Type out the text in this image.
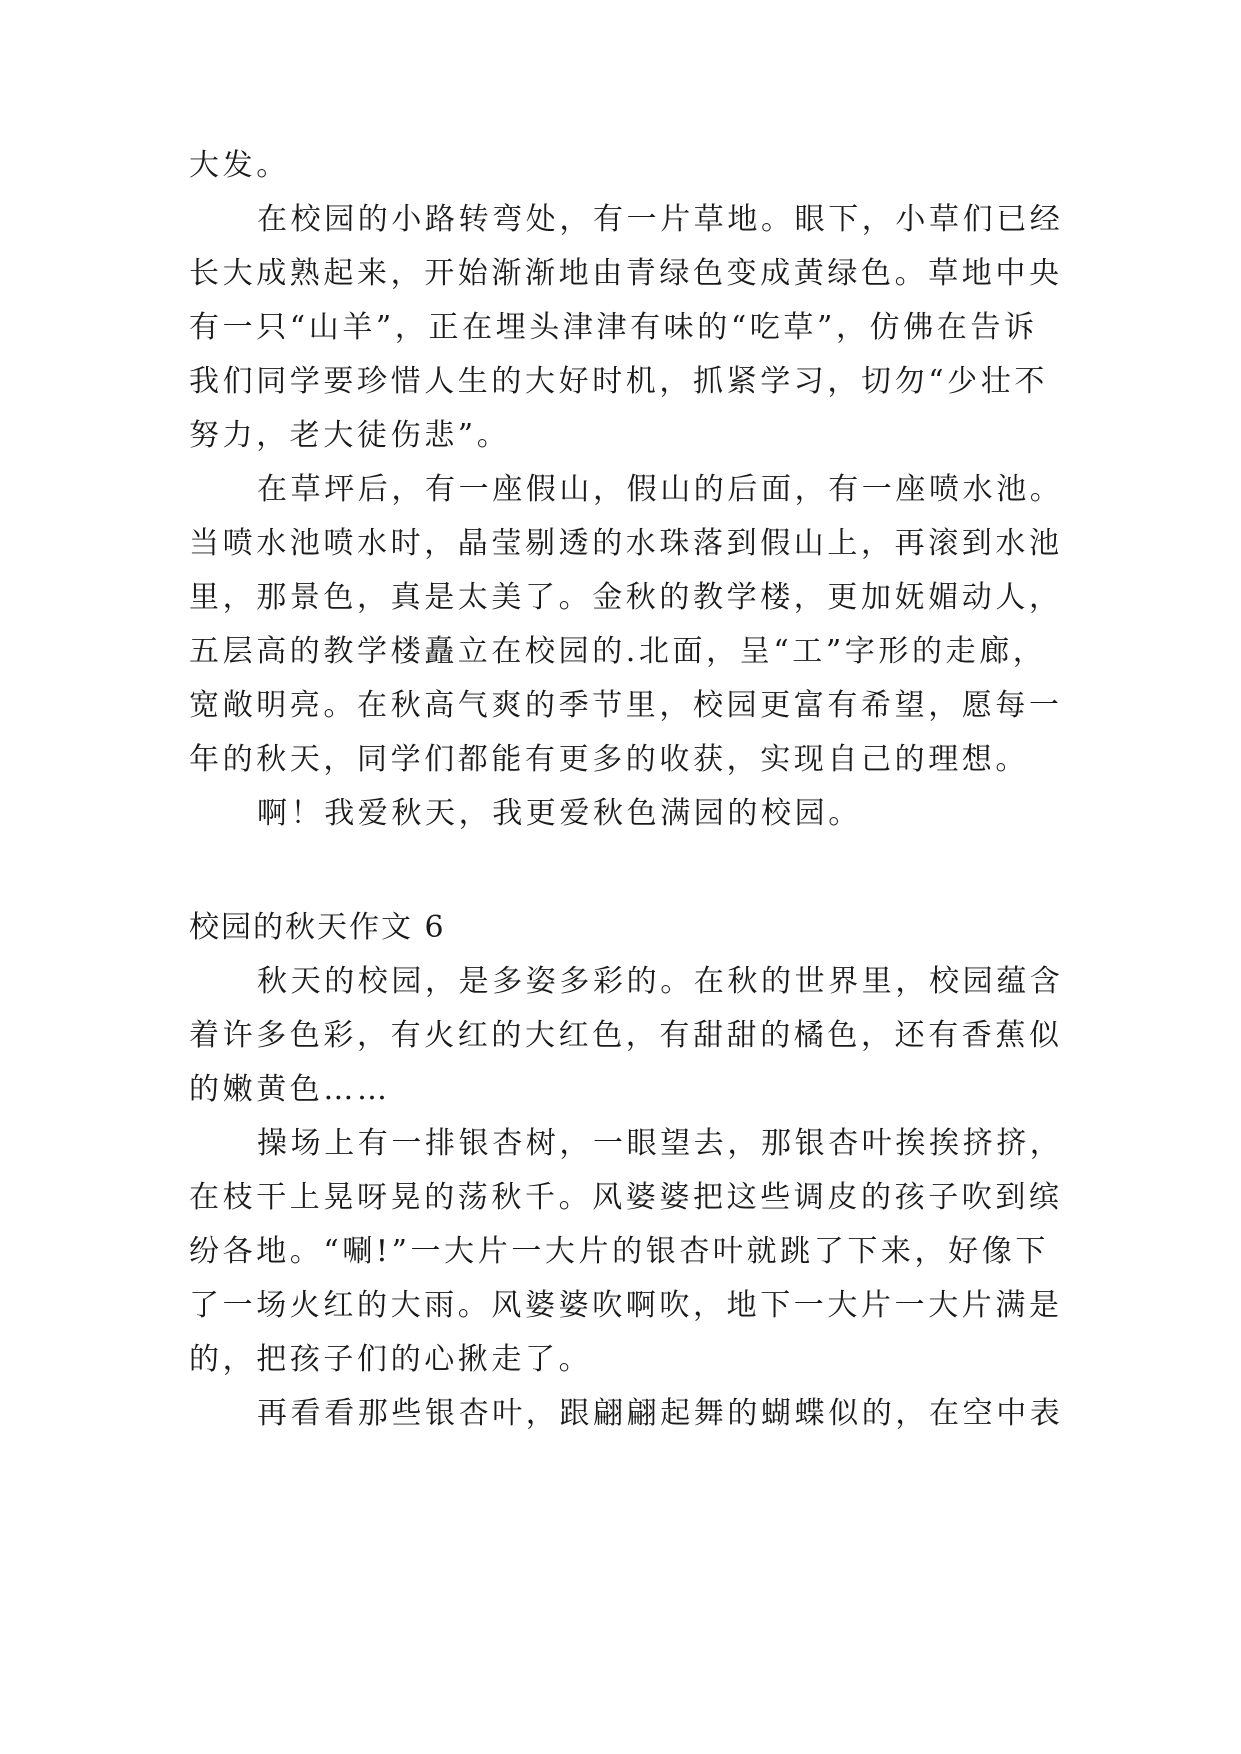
大发。
在校园的小路转弯处，有一片草地。眼下，小草们已经
长大成熟起来，开始渐渐地由青绿色变成黄绿色。草地中央
有一只“山羊”，正在埋头津津有味的“吃草”，仿佛在告诉
我们同学要珍惜人生的大好时机，抓紧学习，切勿“少壮不
努力，老大徒伤悲”。
在草坪后，有一座假山，假山的后面，有一座喷水池。
当喷水池喷水时，晶莹剔透的水珠落到假山上，再滚到水池
里，那景色，真是太美了。金秋的教学楼，更加妩媚动人，
五层高的教学楼矗立在校园的.北面，呈“工”字形的走廊，
宽敞明亮。在秋高气爽的季节里，校园更富有希望，愿每一
年的秋天，同学们都能有更多的收获，实现自己的理想。
啊！我爱秋天，我更爱秋色满园的校园。
校园的秋天作文 6
秋天的校园，是多姿多彩的。在秋的世界里，校园蕴含
着许多色彩，有火红的大红色，有甜甜的橘色，还有香蕉似
的嫩黄色……
操场上有一排银杏树，一眼望去，那银杏叶挨挨挤挤，
在枝干上晃呀晃的荡秋千。风婆婆把这些调皮的孩子吹到缤
纷各地。“唰!”一大片一大片的银杏叶就跳了下来，好像下
了一场火红的大雨。风婆婆吹啊吹，地下一大片一大片满是
的，把孩子们的心揪走了。
再看看那些银杏叶，跟翩翩起舞的蝴蝶似的，在空中表
